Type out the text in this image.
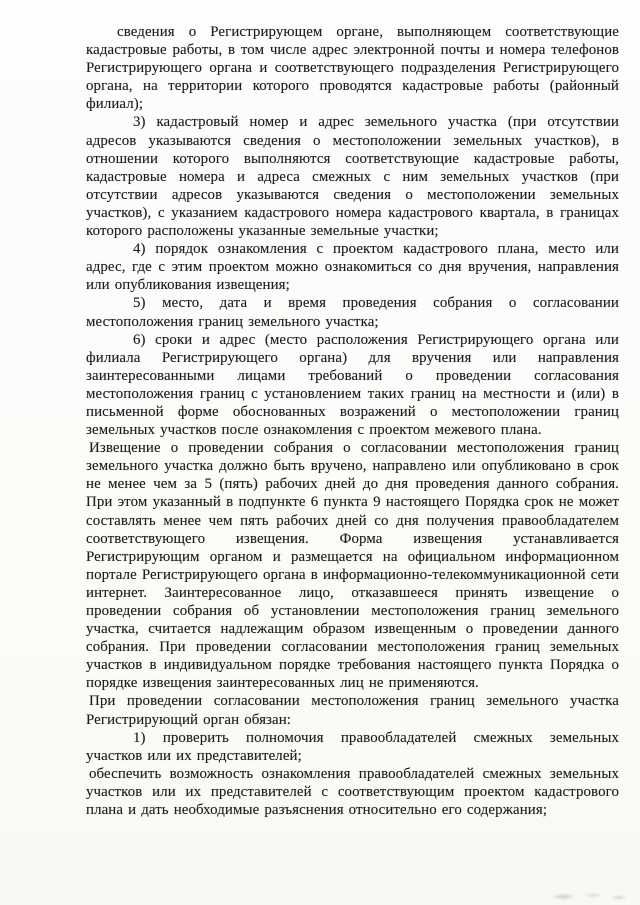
сведения о Регистрирующем органе, выполняющем соответствующие кадастровые работы, в том числе адрес электронной почты и номера телефонов Регистрирующего органа и соответствующего подразделения Регистрирующего органа, на территории которого проводятся кадастровые работы (районный филиал);

3) кадастровый номер и адрес земельного участка (при отсутствии адресов указываются сведения о местоположении земельных участков), в отношении которого выполняются соответствующие кадастровые работы, кадастровые номера и адреса смежных с ним земельных участков (при отсутствии адресов указываются сведения о местоположении земельных участков), с указанием кадастрового номера кадастрового квартала, в границах которого расположены указанные земельные участки;

4) порядок ознакомления с проектом кадастрового плана, место или адрес, где с этим проектом можно ознакомиться со дня вручения, направления или опубликования извещения;

5) место, дата и время проведения собрания о согласовании местоположения границ земельного участка;

6) сроки и адрес (место расположения Регистрирующего органа или филиала Регистрирующего органа) для вручения или направления заинтересованными лицами требований о проведении согласования местоположения границ с установлением таких границ на местности и (или) в письменной форме обоснованных возражений о местоположении границ земельных участков после ознакомления с проектом межевого плана.

Извещение о проведении собрания о согласовании местоположения границ земельного участка должно быть вручено, направлено или опубликовано в срок не менее чем за 5 (пять) рабочих дней до дня проведения данного собрания. При этом указанный в подпункте 6 пункта 9 настоящего Порядка срок не может составлять менее чем пять рабочих дней со дня получения правообладателем соответствующего извещения. Форма извещения устанавливается Регистрирующим органом и размещается на официальном информационном портале Регистрирующего органа в информационно-телекоммуникационной сети интернет. Заинтересованное лицо, отказавшееся принять извещение о проведении собрания об установлении местоположения границ земельного участка, считается надлежащим образом извещенным о проведении данного собрания. При проведении согласовании местоположения границ земельных участков в индивидуальном порядке требования настоящего пункта Порядка о порядке извещения заинтересованных лиц не применяются.

При проведении согласовании местоположения границ земельного участка Регистрирующий орган обязан:

1) проверить полномочия правообладателей смежных земельных участков или их представителей;

обеспечить возможность ознакомления правообладателей смежных земельных участков или их представителей с соответствующим проектом кадастрового плана и дать необходимые разъяснения относительно его содержания;
